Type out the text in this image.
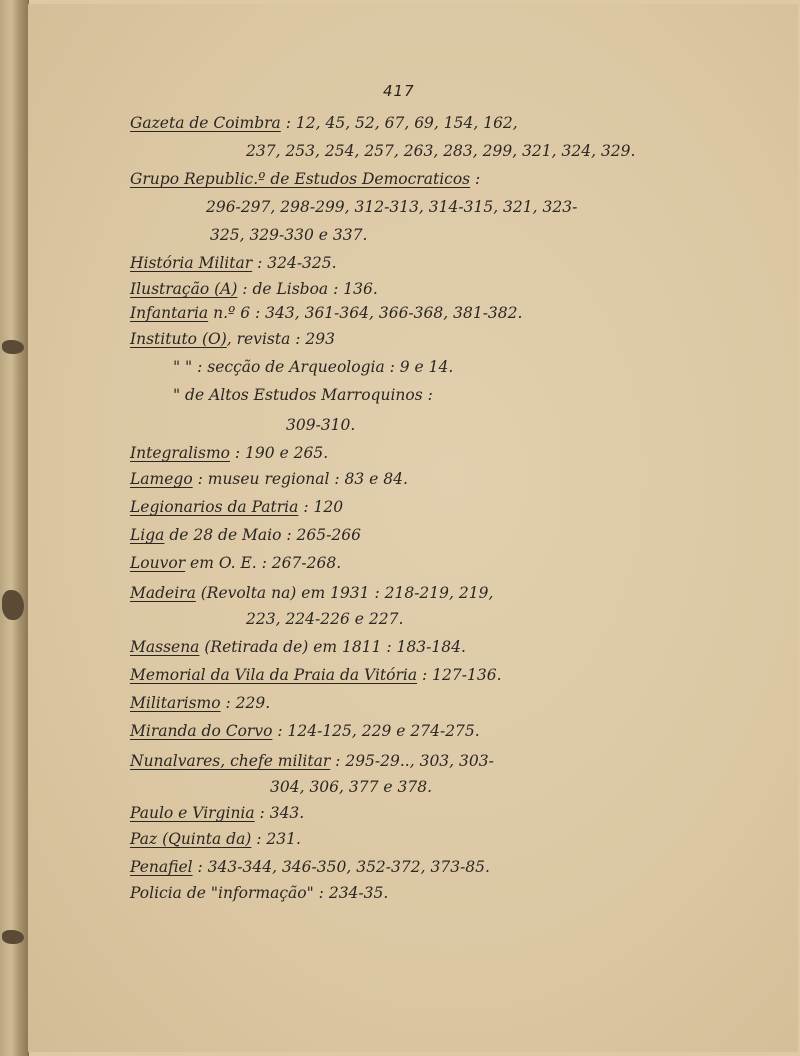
417
Gazeta de Coimbra : 12, 45, 52, 67, 69, 154, 162,
237, 253, 254, 257, 263, 283, 299, 321, 324, 329.
Grupo Republic.º de Estudos Democraticos :
296-297, 298-299, 312-313, 314-315, 321, 323-
325, 329-330 e 337.
História Militar : 324-325.
Ilustração (A) : de Lisboa : 136.
Infantaria n.º 6 : 343, 361-364, 366-368, 381-382.
Instituto (O), revista : 293
" " : secção de Arqueologia : 9 e 14.
" de Altos Estudos Marroquinos :
309-310.
Integralismo : 190 e 265.
Lamego : museu regional : 83 e 84.
Legionarios da Patria : 120
Liga de 28 de Maio : 265-266
Louvor em O. E. : 267-268.
Madeira (Revolta na) em 1931 : 218-219, 219,
223, 224-226 e 227.
Massena (Retirada de) em 1811 : 183-184.
Memorial da Vila da Praia da Vitória : 127-136.
Militarismo : 229.
Miranda do Corvo : 124-125, 229 e 274-275.
Nunalvares, chefe militar : 295-29.., 303, 303-
304, 306, 377 e 378.
Paulo e Virginia : 343.
Paz (Quinta da) : 231.
Penafiel : 343-344, 346-350, 352-372, 373-85.
Policia de "informação" : 234-35.
